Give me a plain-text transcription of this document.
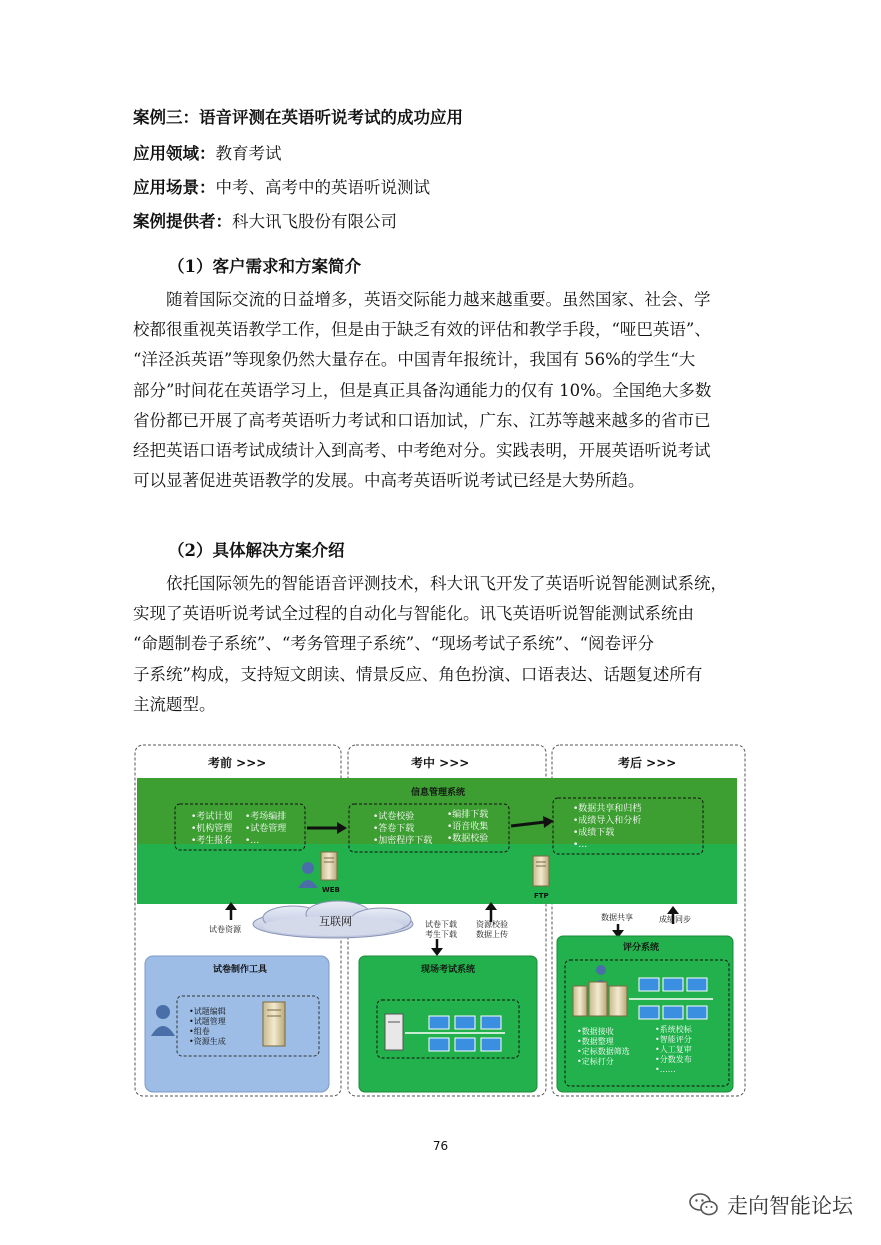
案例三：语音评测在英语听说考试的成功应用
应用领域：教育考试
应用场景：中考、高考中的英语听说测试
案例提供者：科大讯飞股份有限公司
（1）客户需求和方案简介

随着国际交流的日益增多，英语交际能力越来越重要。虽然国家、社会、学

校都很重视英语教学工作，但是由于缺乏有效的评估和教学手段，“哑巴英语”、

“洋泾浜英语”等现象仍然大量存在。中国青年报统计，我国有 56%的学生“大

部分”时间花在英语学习上，但是真正具备沟通能力的仅有 10%。全国绝大多数

省份都已开展了高考英语听力考试和口语加试，广东、江苏等越来越多的省市已

经把英语口语考试成绩计入到高考、中考绝对分。实践表明，开展英语听说考试

可以显著促进英语教学的发展。中高考英语听说考试已经是大势所趋。

（2）具体解决方案介绍

依托国际领先的智能语音评测技术，科大讯飞开发了英语听说智能测试系统，

实现了英语听说考试全过程的自动化与智能化。讯飞英语听说智能测试系统由

“命题制卷子系统”、“考务管理子系统”、“现场考试子系统”、“阅卷评分

子系统”构成，支持短文朗读、情景反应、角色扮演、口语表达、话题复述所有

主流题型。

考前 >>>	考中 >>>	考后 >>>
信息管理系统
•考试计划
•机构管理
•考生报名
•考场编排
•试卷管理
•…
•试卷校验
•答卷下载
•加密程序下载
•编排下载
•语音收集
•数据校验
•数据共享和归档
•成绩导入和分析
•成绩下载
•…
WEB
FTP
互联网
试卷资源
试卷下载
考生下载
资源校验
数据上传
数据共享	成绩同步
试卷制作工具
•试题编辑
•试题管理
•组卷
•资源生成
现场考试系统
评分系统
•数据接收
•数据整理
•定标数据筛选
•定标打分
•系统校标
•智能评分
•人工复审
•分数发布
•……
76
走向智能论坛
